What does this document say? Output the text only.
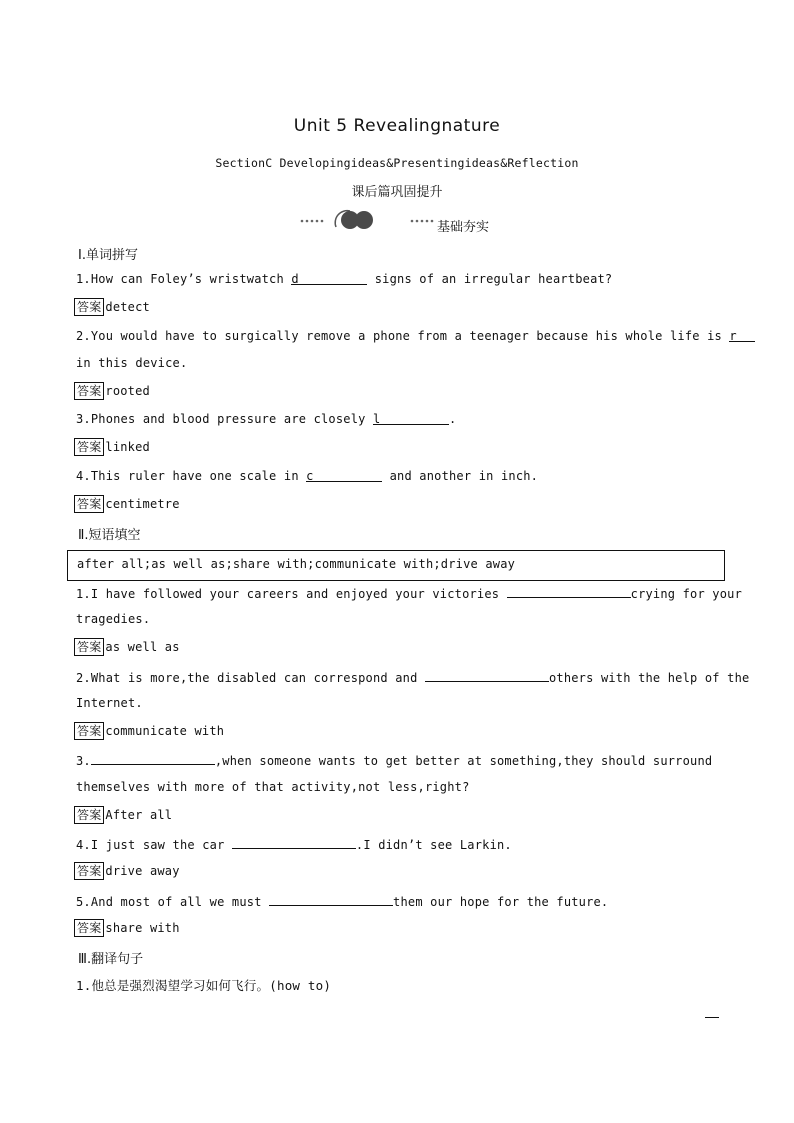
Unit 5 Revealingnature
SectionC Developingideas&Presentingideas&Reflection
课后篇巩固提升
基础夯实
Ⅰ.单词拼写
1.How can Foley’s wristwatch d	signs of an irregular heartbeat?
答案 detect
2.You would have to surgically remove a phone from a teenager because his whole life is r
in this device.
答案 rooted
3.Phones and blood pressure are closely l	.
答案 linked
4.This ruler have one scale in c	and another in inch.
答案 centimetre
Ⅱ.短语填空
after all;as well as;share with;communicate with;drive away
1.I have followed your careers and enjoyed your victories	crying for your
tragedies.
答案 as well as
2.What is more,the disabled can correspond and	others with the help of the
Internet.
答案 communicate with
3.	,when someone wants to get better at something,they should surround
themselves with more of that activity,not less,right?
答案 After all
4.I just saw the car	.I didn’t see Larkin.
答案 drive away
5.And most of all we must	them our hope for the future.
答案 share with
Ⅲ.翻译句子
1.他总是强烈渴望学习如何飞行。(how to)
